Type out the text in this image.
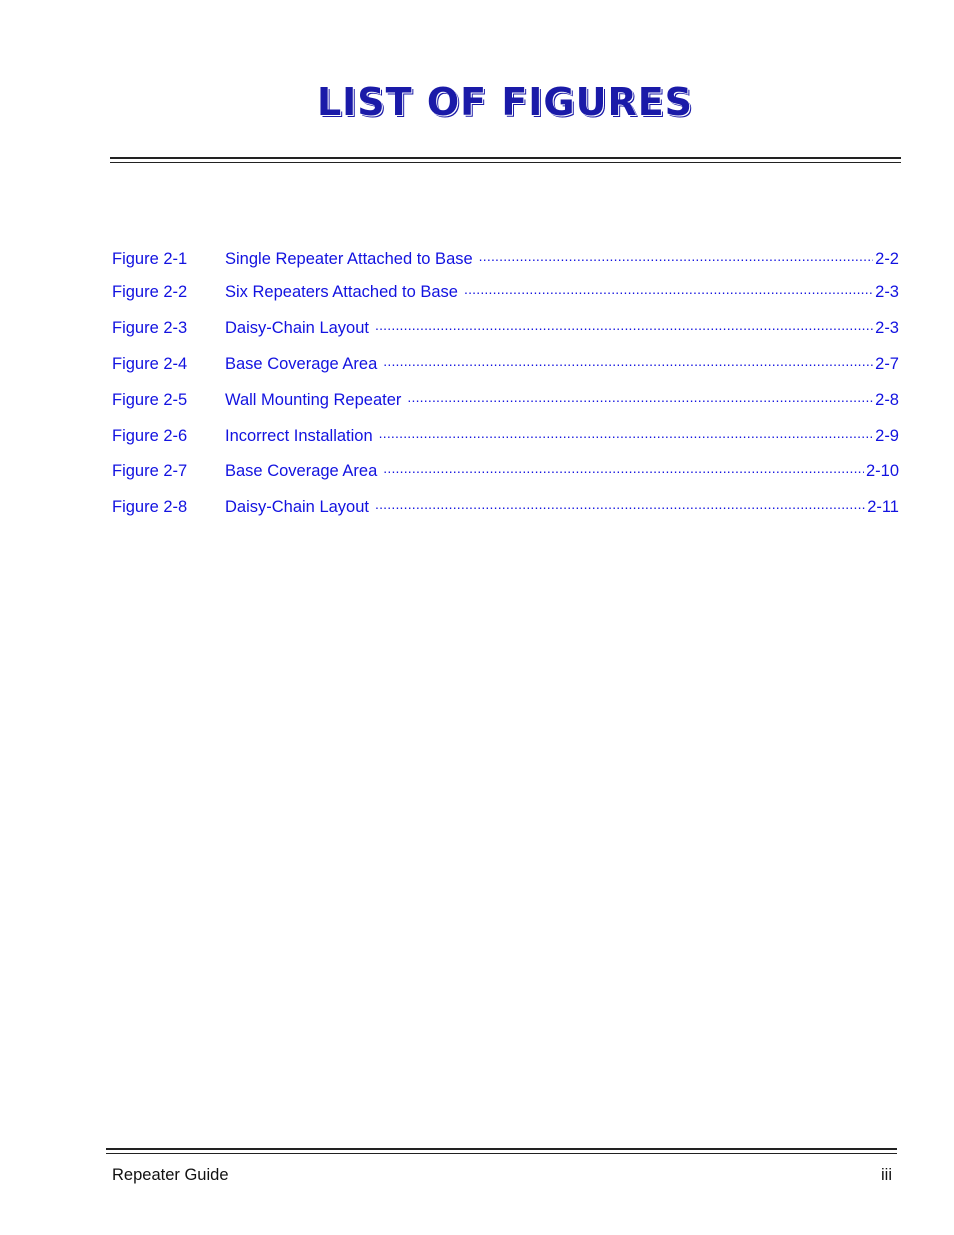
LIST OF FIGURES
Figure 2-1	Single Repeater Attached to Base .....	2-2
Figure 2-2	Six Repeaters Attached to Base .....	2-3
Figure 2-3	Daisy-Chain Layout .....	2-3
Figure 2-4	Base Coverage Area .....	2-7
Figure 2-5	Wall Mounting Repeater .....	2-8
Figure 2-6	Incorrect Installation .....	2-9
Figure 2-7	Base Coverage Area .....	2-10
Figure 2-8	Daisy-Chain Layout .....	2-11
Repeater Guide	iii
